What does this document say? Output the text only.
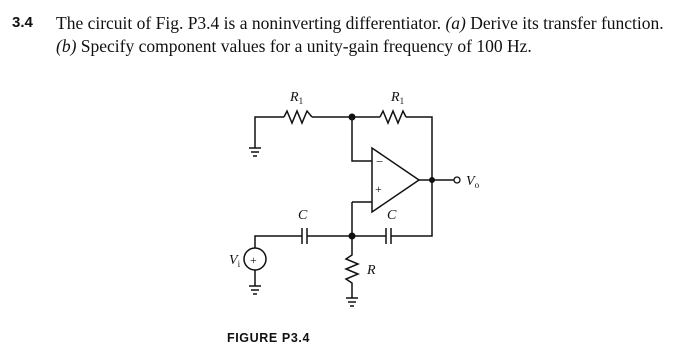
3.4 The circuit of Fig. P3.4 is a noninverting differentiator. (a) Derive its transfer function.
(b) Specify component values for a unity-gain frequency of 100 Hz.
−
+
+
$R_1$	$R_1$
C	C
R
$V_i$
$V_o$
FIGURE P3.4
